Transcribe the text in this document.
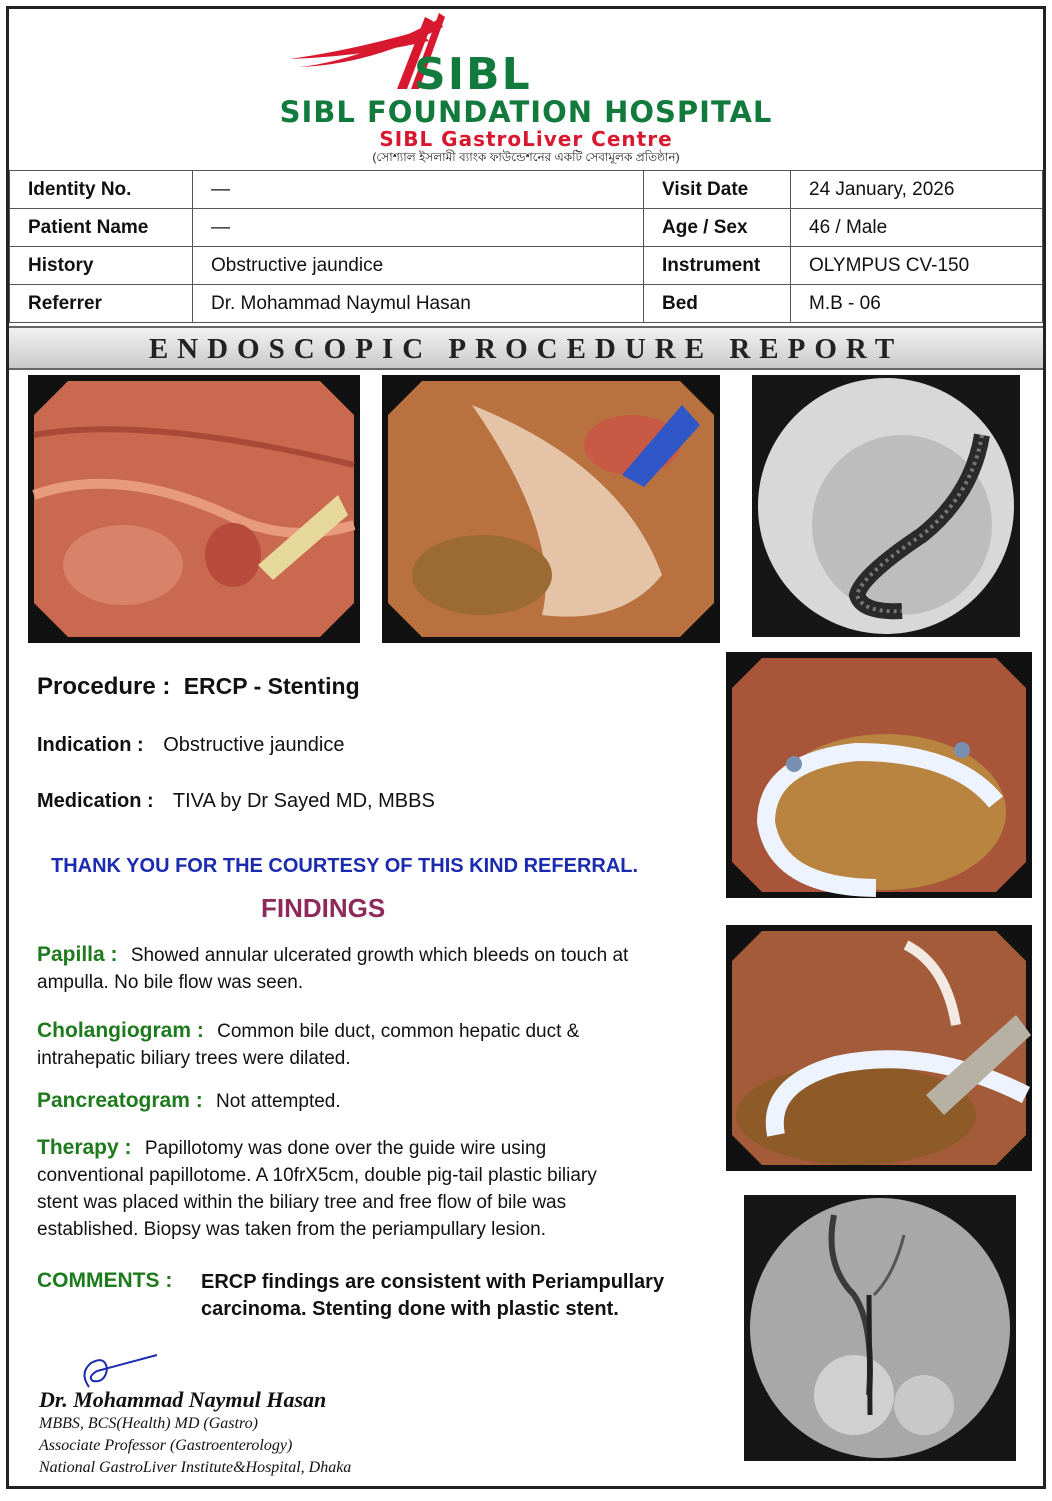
SIBL
SIBL FOUNDATION HOSPITAL
SIBL GastroLiver Centre
(সোশ্যাল ইসলামী ব্যাংক ফাউন্ডেশনের একটি সেবামূলক প্রতিষ্ঠান)
Identity No.	—	Visit Date	24 January, 2026
Patient Name	—	Age / Sex	46 / Male
History	Obstructive jaundice	Instrument	OLYMPUS CV-150
Referrer	Dr. Mohammad Naymul Hasan	Bed	M.B - 06
ENDOSCOPIC PROCEDURE REPORT
Procedure : ERCP - Stenting
Indication : Obstructive jaundice
Medication : TIVA by Dr Sayed MD, MBBS
THANK YOU FOR THE COURTESY OF THIS KIND REFERRAL.
FINDINGS
Papilla : Showed annular ulcerated growth which bleeds on touch at ampulla. No bile flow was seen.
Cholangiogram : Common bile duct, common hepatic duct & intrahepatic biliary trees were dilated.
Pancreatogram : Not attempted.
Therapy : Papillotomy was done over the guide wire using conventional papillotome. A 10frX5cm, double pig-tail plastic biliary stent was placed within the biliary tree and free flow of bile was established. Biopsy was taken from the periampullary lesion.
COMMENTS : ERCP findings are consistent with Periampullary carcinoma. Stenting done with plastic stent.
Dr. Mohammad Naymul Hasan
MBBS, BCS(Health) MD (Gastro)
Associate Professor (Gastroenterology)
National GastroLiver Institute&Hospital, Dhaka
